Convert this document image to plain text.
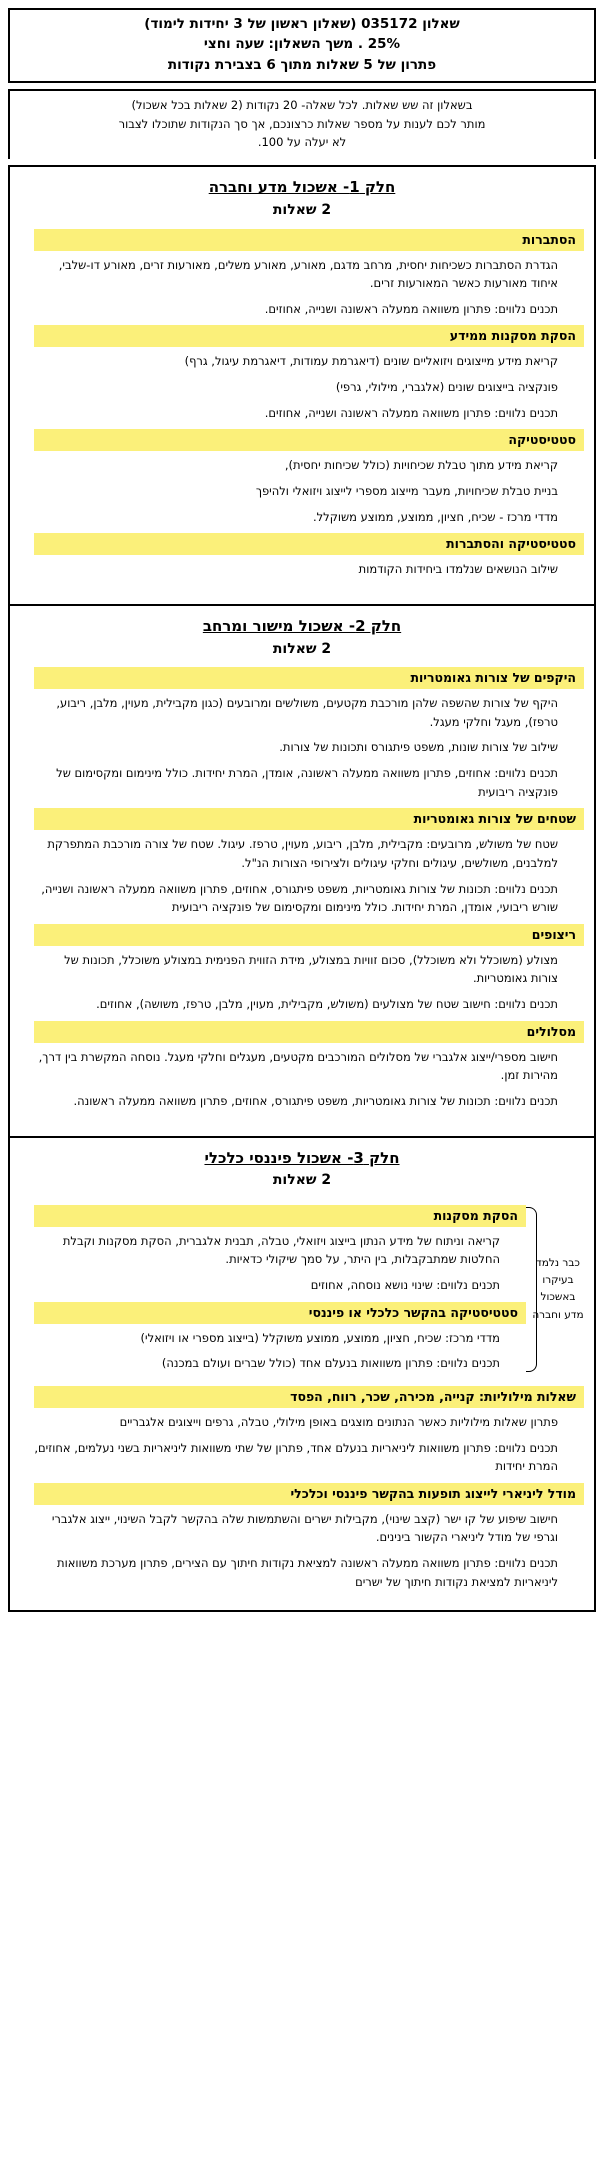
שאלון 035172 (שאלון ראשון של 3 יחידות לימוד)
25% . משך השאלון: שעה וחצי
פתרון של 5 שאלות מתוך 6 בצבירת נקודות
בשאלון זה שש שאלות. לכל שאלה- 20 נקודות (2 שאלות בכל אשכול)
מותר לכם לענות על מספר שאלות כרצונכם, אך סך הנקודות שתוכלו לצבור
לא יעלה על 100.
חלק 1- אשכול מדע וחברה
2 שאלות
הסתברות

הגדרת הסתברות כשכיחות יחסית, מרחב מדגם, מאורע, מאורע משלים, מאורעות זרים, מאורע דו-שלבי, איחוד מאורעות כאשר המאורעות זרים.

תכנים נלווים: פתרון משוואה ממעלה ראשונה ושנייה, אחוזים.

הסקת מסקנות ממידע

קריאת מידע מייצוגים ויזואליים שונים (דיאגרמת עמודות, דיאגרמת עיגול, גרף)

פונקציה בייצוגים שונים (אלגברי, מילולי, גרפי)

תכנים נלווים: פתרון משוואה ממעלה ראשונה ושנייה, אחוזים.

סטטיסטיקה

קריאת מידע מתוך טבלת שכיחויות (כולל שכיחות יחסית),

בניית טבלת שכיחויות, מעבר מייצוג מספרי לייצוג ויזואלי ולהיפך

מדדי מרכז - שכיח, חציון, ממוצע, ממוצע משוקלל.

סטטיסטיקה והסתברות

שילוב הנושאים שנלמדו ביחידות הקודמות

חלק 2- אשכול מישור ומרחב
2 שאלות
היקפים של צורות גאומטריות

היקף של צורות שהשפה שלהן מורכבת מקטעים, משולשים ומרובעים (כגון מקבילית, מעוין, מלבן, ריבוע, טרפז), מעגל וחלקי מעגל.

שילוב של צורות שונות, משפט פיתגורס ותכונות של צורות.

תכנים נלווים: אחוזים, פתרון משוואה ממעלה ראשונה, אומדן, המרת יחידות. כולל מינימום ומקסימום של פונקציה ריבועית

שטחים של צורות גאומטריות

שטח של משולש, מרובעים: מקבילית, מלבן, ריבוע, מעוין, טרפז. עיגול. שטח של צורה מורכבת המתפרקת למלבנים, משולשים, עיגולים וחלקי עיגולים ולצירופי הצורות הנ"ל.

תכנים נלווים: תכונות של צורות גאומטריות, משפט פיתגורס, אחוזים, פתרון משוואה ממעלה ראשונה ושנייה, שורש ריבועי, אומדן, המרת יחידות. כולל מינימום ומקסימום של פונקציה ריבועית

ריצופים

מצולע (משוכלל ולא משוכלל), סכום זוויות במצולע, מידת הזווית הפנימית במצולע משוכלל, תכונות של צורות גאומטריות.

תכנים נלווים: חישוב שטח של מצולעים (משולש, מקבילית, מעוין, מלבן, טרפז, משושה), אחוזים.

מסלולים

חישוב מספרי/ייצוג אלגברי של מסלולים המורכבים מקטעים, מעגלים וחלקי מעגל. נוסחה המקשרת בין דרך, מהירות זמן.

תכנים נלווים: תכונות של צורות גאומטריות, משפט פיתגורס, אחוזים, פתרון משוואה ממעלה ראשונה.

חלק 3- אשכול פיננסי כלכלי
2 שאלות
הסקת מסקנות

קריאה וניתוח של מידע הנתון בייצוג ויזואלי, טבלה, תבנית אלגברית, הסקת מסקנות וקבלת החלטות שמתבקבלות, בין היתר, על סמך שיקולי כדאיות.

תכנים נלווים: שינוי נושא נוסחה, אחוזים

סטטיסטיקה בהקשר כלכלי או פיננסי

מדדי מרכז: שכיח, חציון, ממוצע, ממוצע משוקלל (בייצוג מספרי או ויזואלי)

תכנים נלווים: פתרון משוואות בנעלם אחד (כולל שברים ועולם במכנה)

כבר נלמד בעיקרו באשכול מדע וחברה
שאלות מילוליות: קנייה, מכירה, שכר, רווח, הפסד

פתרון שאלות מילוליות כאשר הנתונים מוצגים באופן מילולי, טבלה, גרפים וייצוגים אלגבריים

תכנים נלווים: פתרון משוואות ליניאריות בנעלם אחד, פתרון של שתי משוואות ליניאריות בשני נעלמים, אחוזים, המרת יחידות

מודל ליניארי לייצוג תופעות בהקשר פיננסי וכלכלי

חישוב שיפוע של קו ישר (קצב שינוי), מקבילות ישרים והשתמשות שלה בהקשר לקבל השינוי, ייצוג אלגברי וגרפי של מודל ליניארי הקשור בינינים.

תכנים נלווים: פתרון משוואה ממעלה ראשונה למציאת נקודות חיתוך עם הצירים, פתרון מערכת משוואות ליניאריות למציאת נקודות חיתוך של ישרים
